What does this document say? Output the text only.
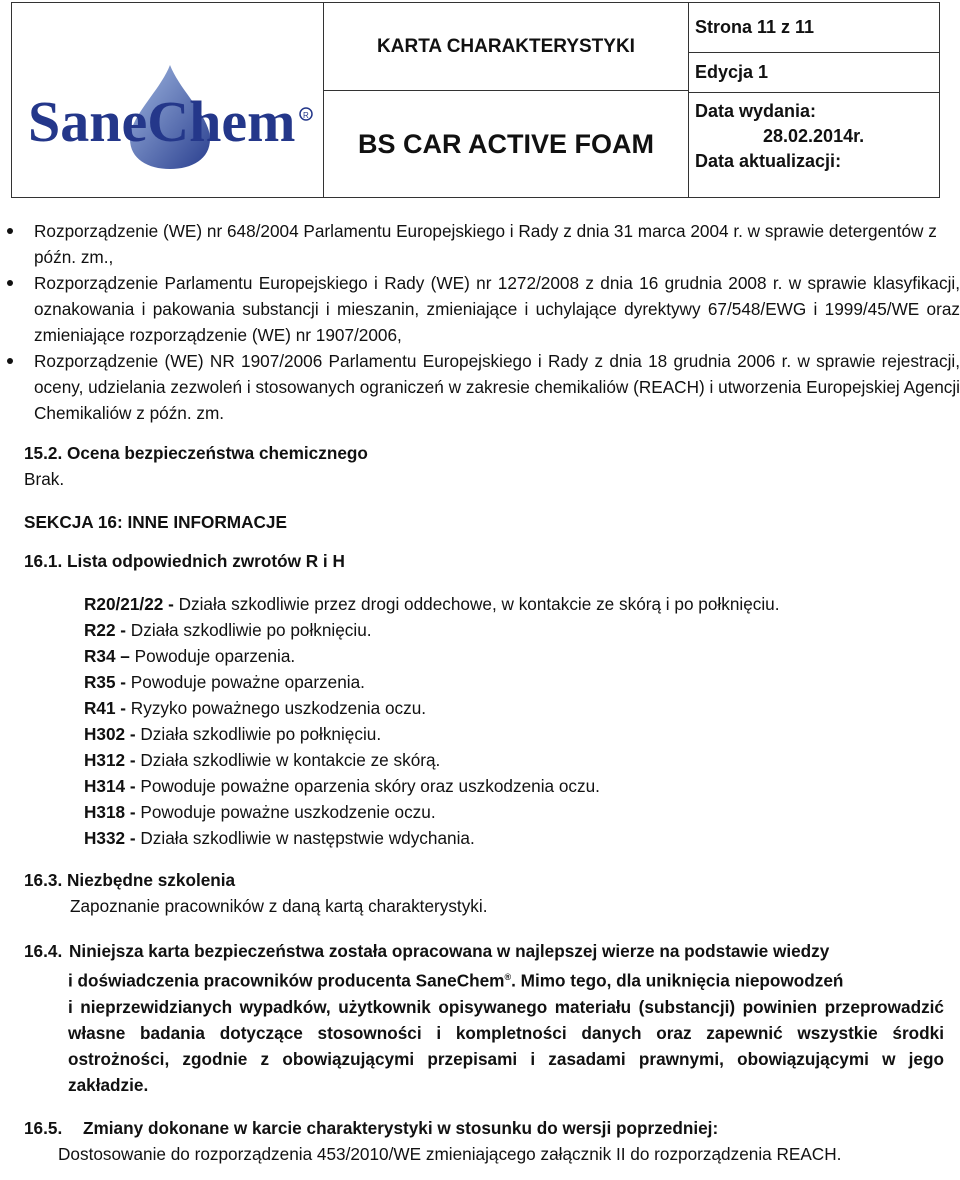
SaneChem R
KARTA CHARAKTERYSTYKI
BS CAR ACTIVE FOAM
Strona 11 z 11
Edycja 1
Data wydania:
28.02.2014r.
Data aktualizacji:
Rozporządzenie (WE) nr 648/2004 Parlamentu Europejskiego i Rady z dnia 31 marca 2004 r. w sprawie detergentów z późn. zm.,
Rozporządzenie Parlamentu Europejskiego i Rady (WE) nr 1272/2008 z dnia 16 grudnia 2008 r. w sprawie klasyfikacji, oznakowania i pakowania substancji i mieszanin, zmieniające i uchylające dyrektywy 67/548/EWG i 1999/45/WE oraz zmieniające rozporządzenie (WE) nr 1907/2006,
Rozporządzenie (WE) NR 1907/2006 Parlamentu Europejskiego i Rady z dnia 18 grudnia 2006 r. w sprawie rejestracji, oceny, udzielania zezwoleń i stosowanych ograniczeń w zakresie chemikaliów (REACH) i utworzenia Europejskiej Agencji Chemikaliów z późn. zm.
15.2. Ocena bezpieczeństwa chemicznego
Brak.
SEKCJA 16: INNE INFORMACJE
16.1. Lista odpowiednich zwrotów R i H
R20/21/22 - Działa szkodliwie przez drogi oddechowe, w kontakcie ze skórą i po połknięciu.
R22 - Działa szkodliwie po połknięciu.
R34 – Powoduje oparzenia.
R35 - Powoduje poważne oparzenia.
R41 - Ryzyko poważnego uszkodzenia oczu.
H302 - Działa szkodliwie po połknięciu.
H312 - Działa szkodliwie w kontakcie ze skórą.
H314 - Powoduje poważne oparzenia skóry oraz uszkodzenia oczu.
H318 - Powoduje poważne uszkodzenie oczu.
H332 - Działa szkodliwie w następstwie wdychania.
16.3. Niezbędne szkolenia
Zapoznanie pracowników z daną kartą charakterystyki.
16.4. Niniejsza karta bezpieczeństwa została opracowana w najlepszej wierze na podstawie wiedzy
i doświadczenia pracowników producenta SaneChem®. Mimo tego, dla uniknięcia niepowodzeń
i nieprzewidzianych wypadków, użytkownik opisywanego materiału (substancji) powinien przeprowadzić własne badania dotyczące stosowności i kompletności danych oraz zapewnić wszystkie środki ostrożności, zgodnie z obowiązującymi przepisami i zasadami prawnymi, obowiązującymi w jego zakładzie.
16.5.	Zmiany dokonane w karcie charakterystyki w stosunku do wersji poprzedniej:
Dostosowanie do rozporządzenia 453/2010/WE zmieniającego załącznik II do rozporządzenia REACH.
